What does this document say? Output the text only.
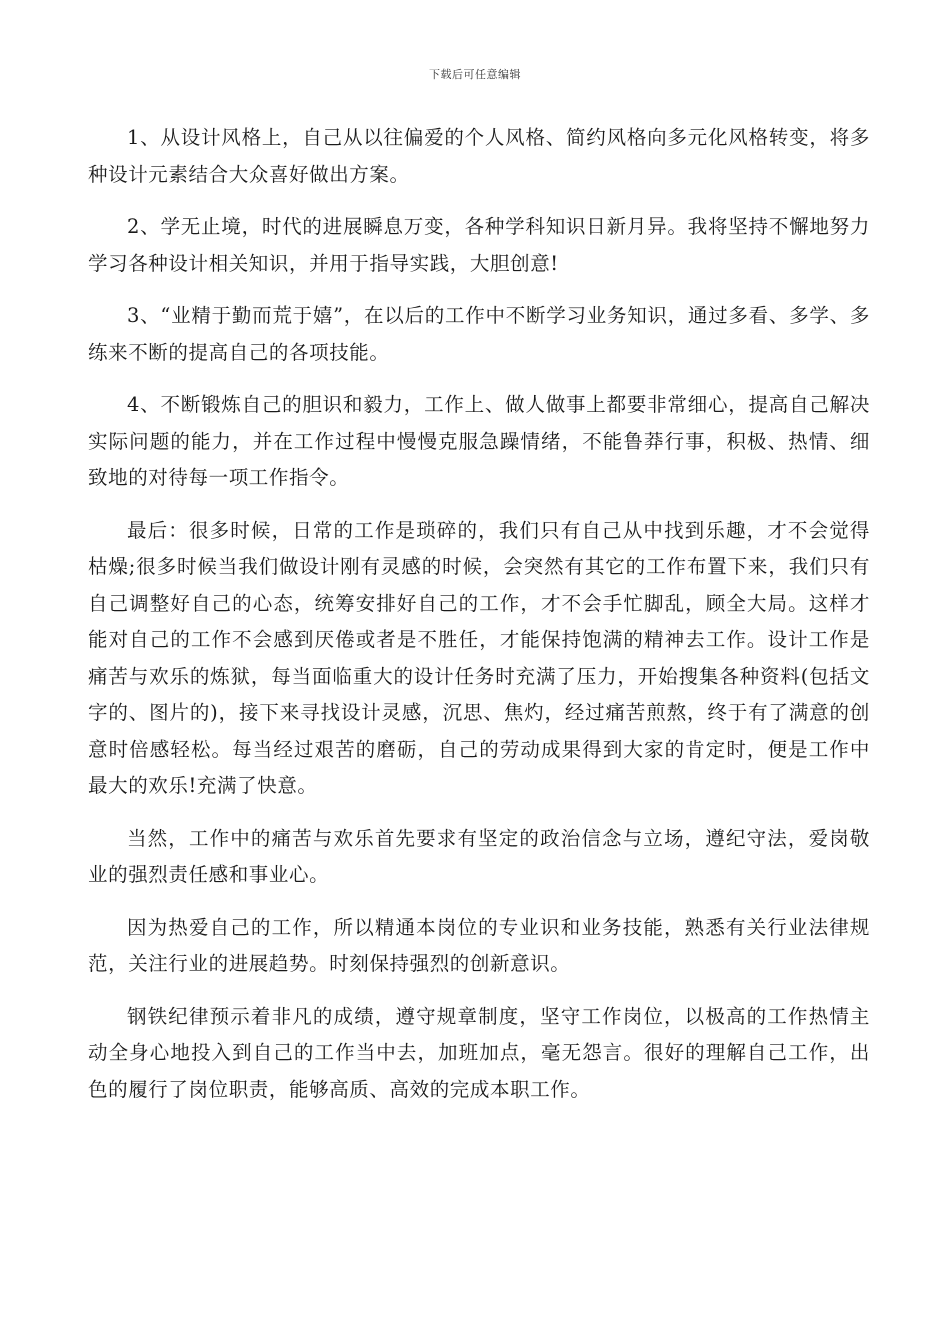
下载后可任意编辑

1、从设计风格上，自己从以往偏爱的个人风格、简约风格向多元化风格转变，将多种设计元素结合大众喜好做出方案。

2、学无止境，时代的进展瞬息万变，各种学科知识日新月异。我将坚持不懈地努力学习各种设计相关知识，并用于指导实践，大胆创意!

3、“业精于勤而荒于嬉”，在以后的工作中不断学习业务知识，通过多看、多学、多练来不断的提高自己的各项技能。

4、不断锻炼自己的胆识和毅力，工作上、做人做事上都要非常细心，提高自己解决实际问题的能力，并在工作过程中慢慢克服急躁情绪，不能鲁莽行事，积极、热情、细致地的对待每一项工作指令。

最后：很多时候，日常的工作是琐碎的，我们只有自己从中找到乐趣，才不会觉得枯燥;很多时候当我们做设计刚有灵感的时候，会突然有其它的工作布置下来，我们只有自己调整好自己的心态，统筹安排好自己的工作，才不会手忙脚乱，顾全大局。这样才能对自己的工作不会感到厌倦或者是不胜任，才能保持饱满的精神去工作。设计工作是痛苦与欢乐的炼狱，每当面临重大的设计任务时充满了压力，开始搜集各种资料(包括文字的、图片的)，接下来寻找设计灵感，沉思、焦灼，经过痛苦煎熬，终于有了满意的创意时倍感轻松。每当经过艰苦的磨砺，自己的劳动成果得到大家的肯定时，便是工作中最大的欢乐!充满了快意。

当然，工作中的痛苦与欢乐首先要求有坚定的政治信念与立场，遵纪守法，爱岗敬业的强烈责任感和事业心。

因为热爱自己的工作，所以精通本岗位的专业识和业务技能，熟悉有关行业法律规范，关注行业的进展趋势。时刻保持强烈的创新意识。

钢铁纪律预示着非凡的成绩，遵守规章制度，坚守工作岗位，以极高的工作热情主动全身心地投入到自己的工作当中去，加班加点，毫无怨言。很好的理解自己工作，出色的履行了岗位职责，能够高质、高效的完成本职工作。
